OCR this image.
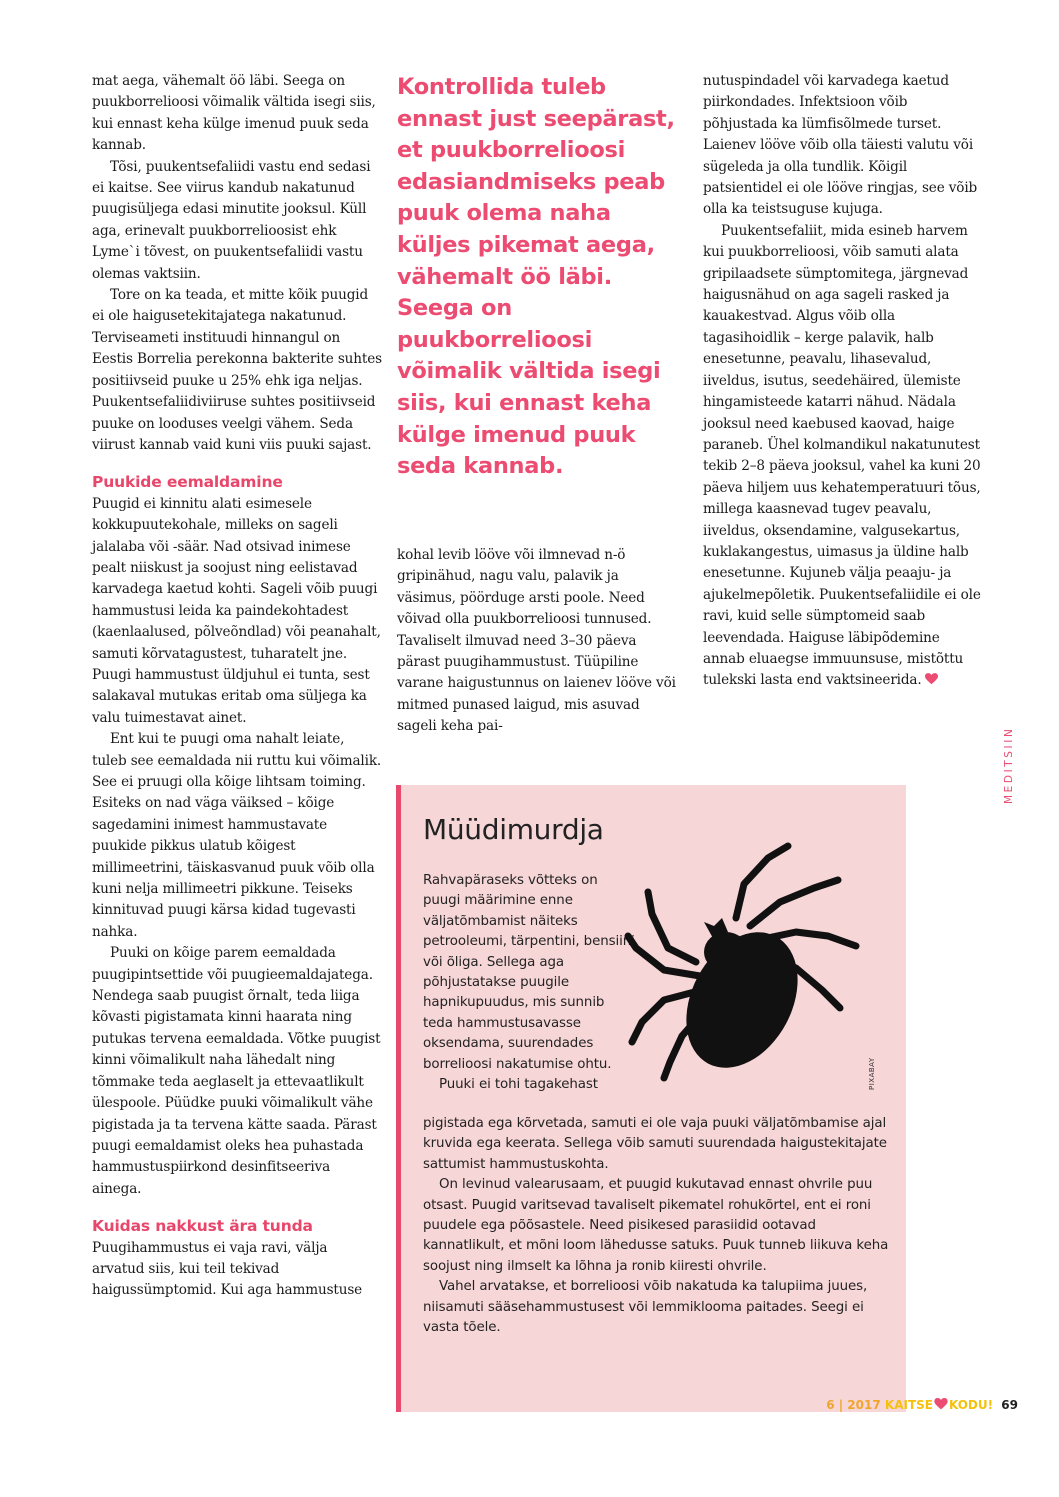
mat aega, vähemalt öö läbi. Seega on puukborrelioosi võimalik vältida isegi siis, kui ennast keha külge imenud puuk seda kannab.

Tõsi, puukentsefaliidi vastu end sedasi ei kaitse. See viirus kandub nakatunud puugisüljega edasi minutite jooksul. Küll aga, erinevalt puukborrelioosist ehk Lyme`i tõvest, on puukentsefaliidi vastu olemas vaktsiin.

Tore on ka teada, et mitte kõik puugid ei ole haigusetekitajatega nakatunud. Terviseameti instituudi hinnangul on Eestis Borrelia perekonna bakterite suhtes positiivseid puuke u 25% ehk iga neljas. Puukentsefaliidiviiruse suhtes positiivseid puuke on looduses veelgi vähem. Seda viirust kannab vaid kuni viis puuki sajast.

Puukide eemaldamine

Puugid ei kinnitu alati esimesele kokkupuutekohale, milleks on sageli jalalaba või -säär. Nad otsivad inimese pealt niiskust ja soojust ning eelistavad karvadega kaetud kohti. Sageli võib puugi hammustusi leida ka paindekohtadest (kaenlaalused, põlveõndlad) või peanahalt, samuti kõrvatagustest, tuharatelt jne. Puugi hammustust üldjuhul ei tunta, sest salakaval mutukas eritab oma süljega ka valu tuimestavat ainet.

Ent kui te puugi oma nahalt leiate, tuleb see eemaldada nii ruttu kui võimalik. See ei pruugi olla kõige lihtsam toiming. Esiteks on nad väga väiksed – kõige sagedamini inimest hammustavate puukide pikkus ulatub kõigest millimeetrini, täiskasvanud puuk võib olla kuni nelja millimeetri pikkune. Teiseks kinnituvad puugi kärsa kidad tugevasti nahka.

Puuki on kõige parem eemaldada puugipintsettide või puugieemaldajatega. Nendega saab puugist õrnalt, teda liiga kõvasti pigistamata kinni haarata ning putukas tervena eemaldada. Võtke puugist kinni võimalikult naha lähedalt ning tõmmake teda aeglaselt ja ettevaatlikult ülespoole. Püüdke puuki võimalikult vähe pigistada ja ta tervena kätte saada. Pärast puugi eemaldamist oleks hea puhastada hammustuspiirkond desinfitseeriva ainega.

Kuidas nakkust ära tunda

Puugihammustus ei vaja ravi, välja arvatud siis, kui teil tekivad haigussümptomid. Kui aga hammustuse

Kontrollida tuleb ennast just seepärast, et puukborrelioosi edasiandmiseks peab puuk olema naha küljes pikemat aega, vähemalt öö läbi. Seega on puukborrelioosi võimalik vältida isegi siis, kui ennast keha külge imenud puuk seda kannab.

kohal levib lööve või ilmnevad n-ö gripinähud, nagu valu, palavik ja väsimus, pöörduge arsti poole. Need võivad olla puukborrelioosi tunnused. Tavaliselt ilmuvad need 3–30 päeva pärast puugihammustust. Tüüpiline varane haigustunnus on laienev lööve või mitmed punased laigud, mis asuvad sageli keha pai-

nutuspindadel või karvadega kaetud piirkondades. Infektsioon võib põhjustada ka lümfisõlmede turset. Laienev lööve võib olla täiesti valutu või sügeleda ja olla tundlik. Kõigil patsientidel ei ole lööve ringjas, see võib olla ka teistsuguse kujuga.

Puukentsefaliit, mida esineb harvem kui puukborrelioosi, võib samuti alata gripilaadsete sümptomitega, järgnevad haigusnähud on aga sageli rasked ja kauakestvad. Algus võib olla tagasihoidlik – kerge palavik, halb enesetunne, peavalu, lihasevalud, iiveldus, isutus, seedehäired, ülemiste hingamisteede katarri nähud. Nädala jooksul need kaebused kaovad, haige paraneb. Ühel kolmandikul nakatunutest tekib 2–8 päeva jooksul, vahel ka kuni 20 päeva hiljem uus kehatemperatuuri tõus, millega kaasnevad tugev peavalu, iiveldus, oksendamine, valgusekartus, kuklakangestus, uimasus ja üldine halb enesetunne. Kujuneb välja peaaju- ja ajukelmepõletik. Puukentsefaliidile ei ole ravi, kuid selle sümptomeid saab leevendada. Haiguse läbipõdemine annab eluaegse immuunsuse, mistõttu tulekski lasta end vaktsineerida.

MEDITSIIN
Müüdimurdja

Rahvapäraseks võtteks on puugi määrimine enne väljatõmbamist näiteks petrooleumi, tärpentini, bensiini või õliga. Sellega aga põhjustatakse puugile hapnikupuudus, mis sunnib teda hammustusavasse oksendama, suurendades borrelioosi nakatumise ohtu.

Puuki ei tohi tagakehast

pigistada ega kõrvetada, samuti ei ole vaja puuki väljatõmbamise ajal kruvida ega keerata. Sellega võib samuti suurendada haigustekitajate sattumist hammustuskohta.

On levinud valearusaam, et puugid kukutavad ennast ohvrile puu otsast. Puugid varitsevad tavaliselt pikematel rohukõrtel, ent ei roni puudele ega põõsastele. Need pisikesed parasiidid ootavad kannatlikult, et mõni loom lähedusse satuks. Puuk tunneb liikuva keha soojust ning ilmselt ka lõhna ja ronib kiiresti ohvrile.

Vahel arvatakse, et borrelioosi võib nakatuda ka talupiima juues, niisamuti sääsehammustusest või lemmiklooma paitades. Seegi ei vasta tõele.

PIXABAY
6 | 2017 KAITSE KODU! 69
